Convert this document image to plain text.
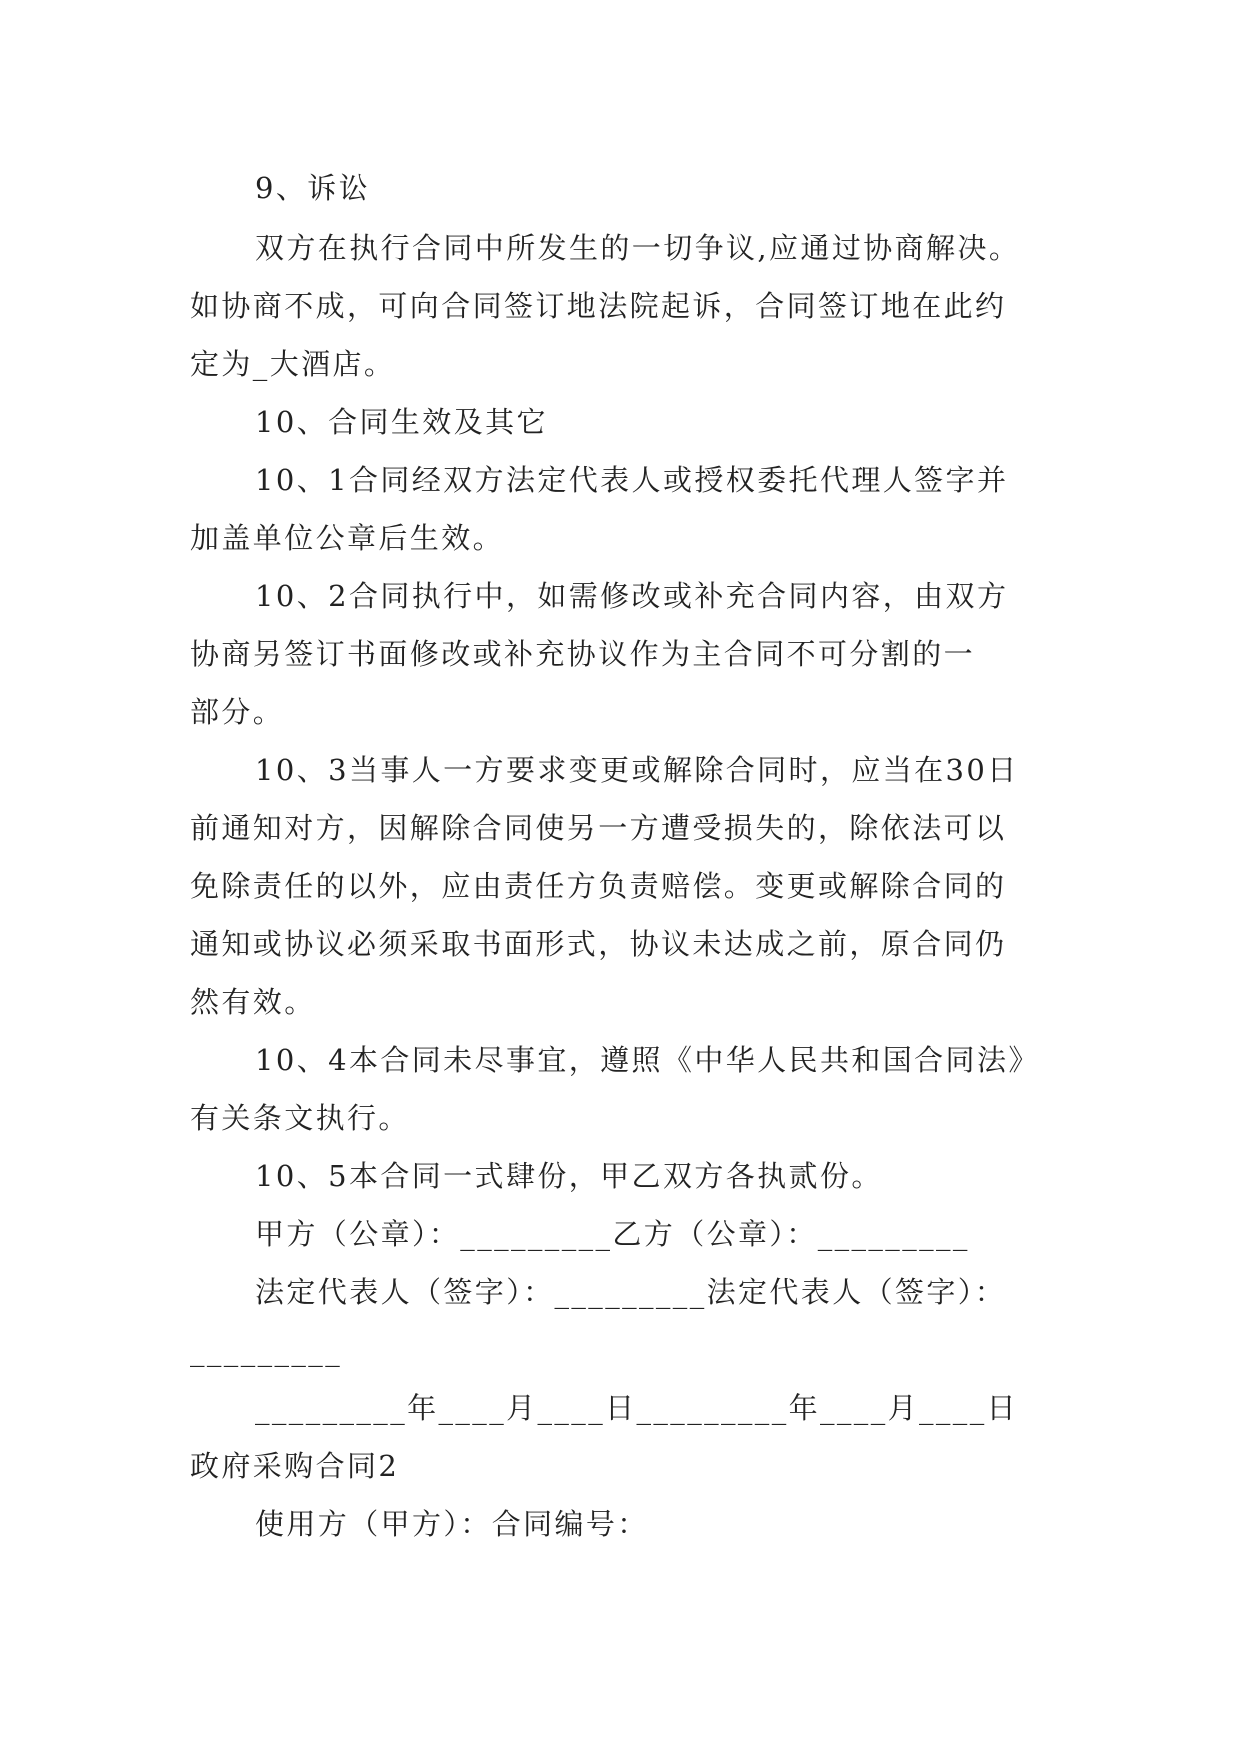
9、诉讼

双方在执行合同中所发生的一切争议,应通过协商解决。

如协商不成，可向合同签订地法院起诉，合同签订地在此约

定为_大酒店。

10、合同生效及其它

10、1合同经双方法定代表人或授权委托代理人签字并

加盖单位公章后生效。

10、2合同执行中，如需修改或补充合同内容，由双方

协商另签订书面修改或补充协议作为主合同不可分割的一

部分。

10、3当事人一方要求变更或解除合同时，应当在30日

前通知对方，因解除合同使另一方遭受损失的，除依法可以

免除责任的以外，应由责任方负责赔偿。变更或解除合同的

通知或协议必须采取书面形式，协议未达成之前，原合同仍

然有效。

10、4本合同未尽事宜，遵照《中华人民共和国合同法》

有关条文执行。

10、5本合同一式肆份，甲乙双方各执贰份。

甲方（公章）：_________乙方（公章）：_________

法定代表人（签字）：_________法定代表人（签字）：

_________

_________年____月____日_________年____月____日

政府采购合同2

使用方（甲方）：合同编号：
